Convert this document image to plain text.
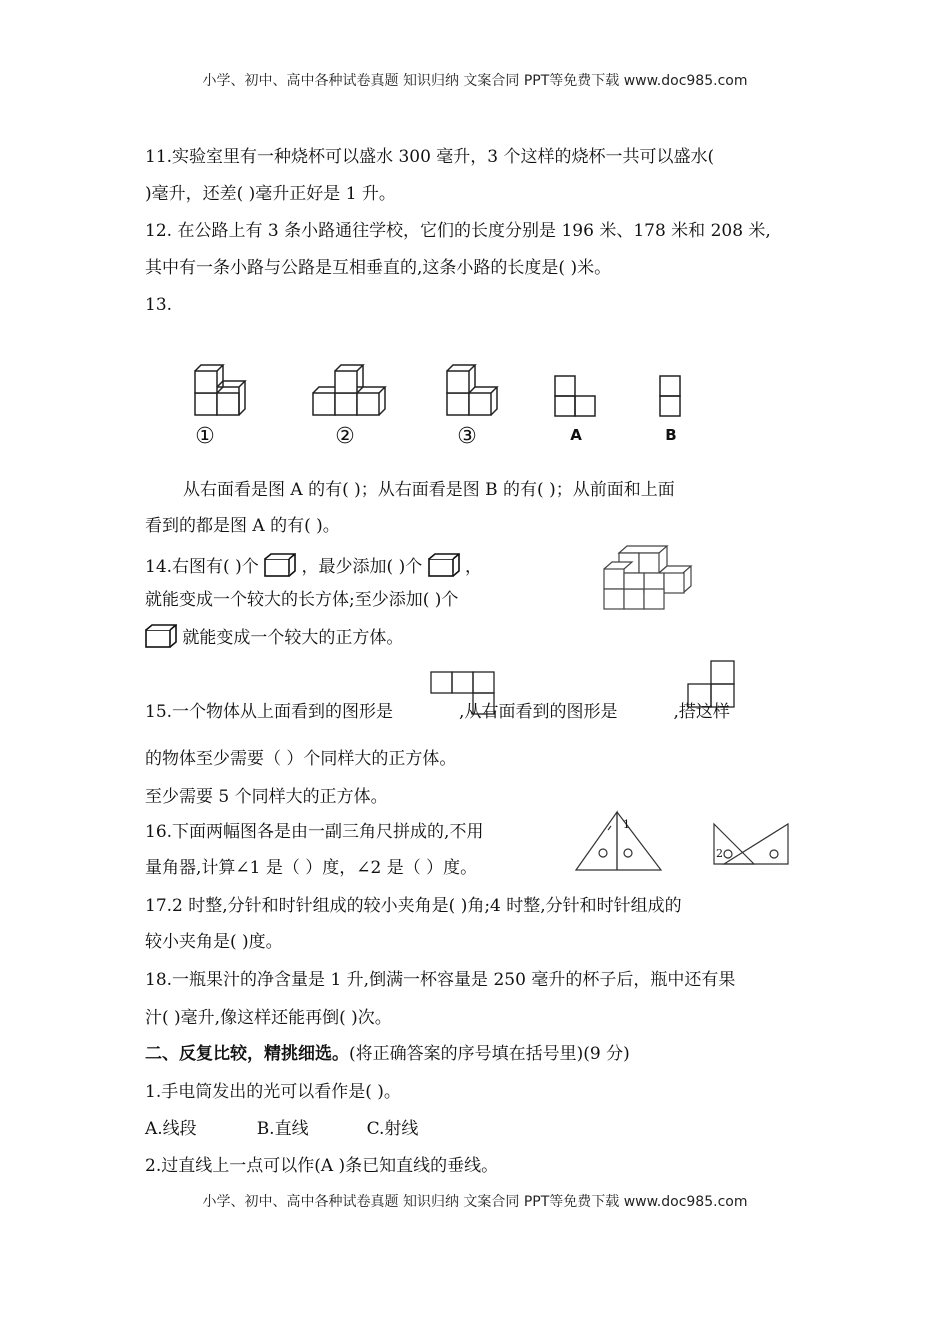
小学、初中、高中各种试卷真题 知识归纳 文案合同 PPT等免费下载 www.doc985.com
11.实验室里有一种烧杯可以盛水 300 毫升，3 个这样的烧杯一共可以盛水(
)毫升，还差( )毫升正好是 1 升。
12. 在公路上有 3 条小路通往学校，它们的长度分别是 196 米、178 米和 208 米,
其中有一条小路与公路是互相垂直的,这条小路的长度是( )米。
13.
①	②	③	A	B
从右面看是图 A 的有( )；从右面看是图 B 的有( )；从前面和上面
看到的都是图 A 的有( )。
14.右图有( )个	，最少添加( )个	，
就能变成一个较大的长方体;至少添加( )个
就能变成一个较大的正方体。
15.一个物体从上面看到的图形是	,从右面看到的图形是	,搭这样
的物体至少需要（ ）个同样大的正方体。
至少需要 5 个同样大的正方体。
16.下面两幅图各是由一副三角尺拼成的,不用
量角器,计算∠1 是（ ）度，∠2 是（ ）度。
1
2
17.2 时整,分针和时针组成的较小夹角是( )角;4 时整,分针和时针组成的
较小夹角是( )度。
18.一瓶果汁的净含量是 1 升,倒满一杯容量是 250 毫升的杯子后，瓶中还有果
汁( )毫升,像这样还能再倒( )次。
二、反复比较，精挑细选。(将正确答案的序号填在括号里)(9 分)
1.手电筒发出的光可以看作是( )。
A.线段	B.直线	C.射线
2.过直线上一点可以作(A )条已知直线的垂线。
小学、初中、高中各种试卷真题 知识归纳 文案合同 PPT等免费下载 www.doc985.com
